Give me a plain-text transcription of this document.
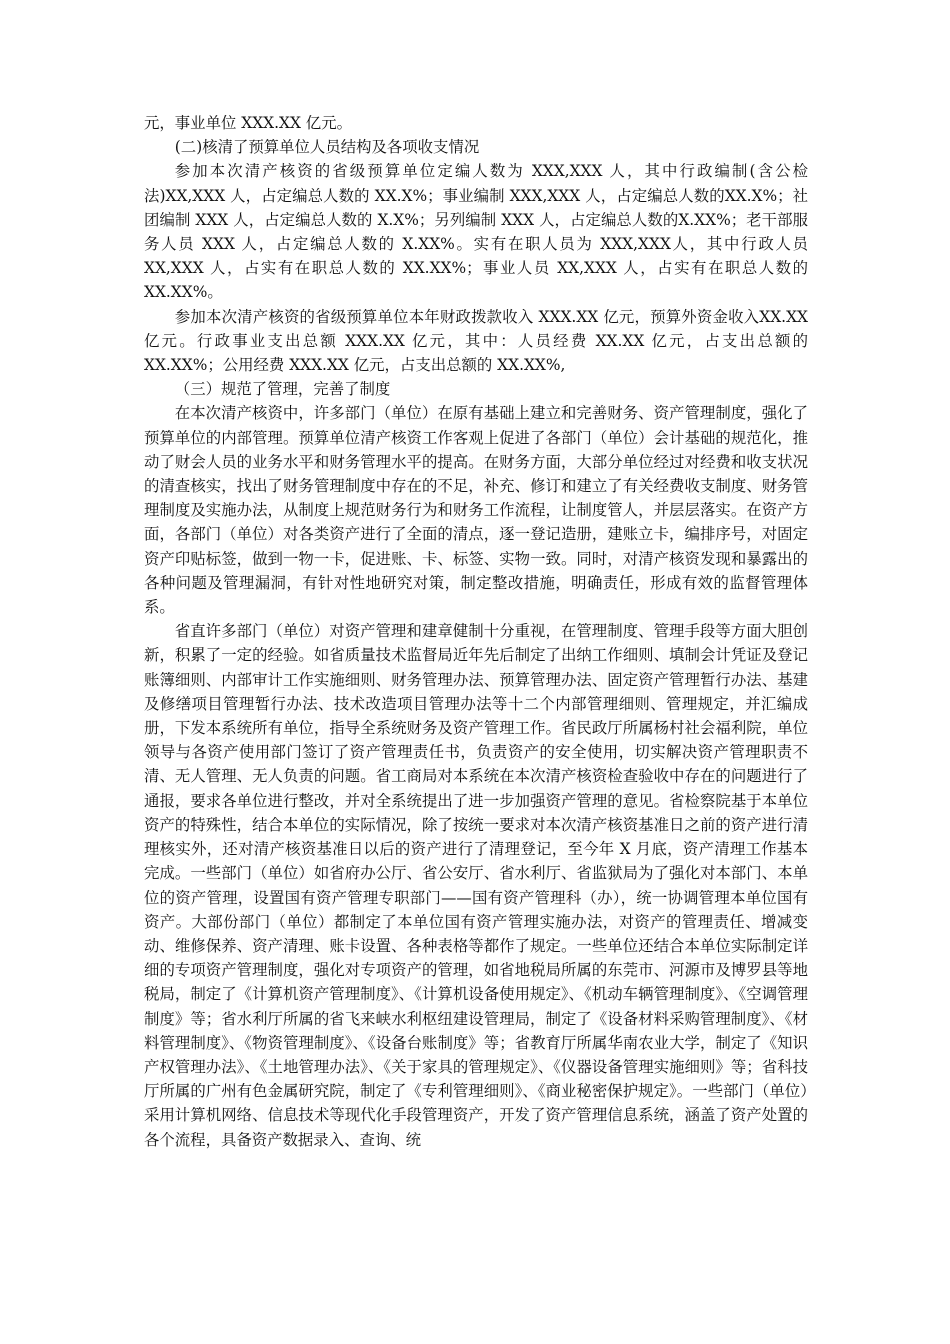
元，事业单位 XXX.XX 亿元。

(二)核清了预算单位人员结构及各项收支情况

参加本次清产核资的省级预算单位定编人数为 XXX,XXX 人，其中行政编制(含公检法)XX,XXX 人，占定编总人数的 XX.X%；事业编制 XXX,XXX 人，占定编总人数的XX.X%；社团编制 XXX 人，占定编总人数的 X.X%；另列编制 XXX 人，占定编总人数的X.XX%；老干部服务人员 XXX 人，占定编总人数的 X.XX%。实有在职人员为 XXX,XXX人，其中行政人员 XX,XXX 人，占实有在职总人数的 XX.XX%；事业人员 XX,XXX 人，占实有在职总人数的 XX.XX%。

参加本次清产核资的省级预算单位本年财政拨款收入 XXX.XX 亿元，预算外资金收入XX.XX 亿元。行政事业支出总额 XXX.XX 亿元，其中：人员经费 XX.XX 亿元，占支出总额的 XX.XX%；公用经费 XXX.XX 亿元，占支出总额的 XX.XX%,

（三）规范了管理，完善了制度

在本次清产核资中，许多部门（单位）在原有基础上建立和完善财务、资产管理制度，强化了预算单位的内部管理。预算单位清产核资工作客观上促进了各部门（单位）会计基础的规范化，推动了财会人员的业务水平和财务管理水平的提高。在财务方面，大部分单位经过对经费和收支状况的清查核实，找出了财务管理制度中存在的不足，补充、修订和建立了有关经费收支制度、财务管理制度及实施办法，从制度上规范财务行为和财务工作流程，让制度管人，并层层落实。在资产方面，各部门（单位）对各类资产进行了全面的清点，逐一登记造册，建账立卡，编排序号，对固定资产印贴标签，做到一物一卡，促进账、卡、标签、实物一致。同时，对清产核资发现和暴露出的各种问题及管理漏洞，有针对性地研究对策，制定整改措施，明确责任，形成有效的监督管理体系。

省直许多部门（单位）对资产管理和建章健制十分重视，在管理制度、管理手段等方面大胆创新，积累了一定的经验。如省质量技术监督局近年先后制定了出纳工作细则、填制会计凭证及登记账簿细则、内部审计工作实施细则、财务管理办法、预算管理办法、固定资产管理暂行办法、基建及修缮项目管理暂行办法、技术改造项目管理办法等十二个内部管理细则、管理规定，并汇编成册，下发本系统所有单位，指导全系统财务及资产管理工作。省民政厅所属杨村社会福利院，单位领导与各资产使用部门签订了资产管理责任书，负责资产的安全使用，切实解决资产管理职责不清、无人管理、无人负责的问题。省工商局对本系统在本次清产核资检查验收中存在的问题进行了通报，要求各单位进行整改，并对全系统提出了进一步加强资产管理的意见。省检察院基于本单位资产的特殊性，结合本单位的实际情况，除了按统一要求对本次清产核资基准日之前的资产进行清理核实外，还对清产核资基准日以后的资产进行了清理登记，至今年 X 月底，资产清理工作基本完成。一些部门（单位）如省府办公厅、省公安厅、省水利厅、省监狱局为了强化对本部门、本单位的资产管理，设置国有资产管理专职部门——国有资产管理科（办），统一协调管理本单位国有资产。大部份部门（单位）都制定了本单位国有资产管理实施办法，对资产的管理责任、增减变动、维修保养、资产清理、账卡设置、各种表格等都作了规定。一些单位还结合本单位实际制定详细的专项资产管理制度，强化对专项资产的管理，如省地税局所属的东莞市、河源市及博罗县等地税局，制定了《计算机资产管理制度》、《计算机设备使用规定》、《机动车辆管理制度》、《空调管理制度》等；省水利厅所属的省飞来峡水利枢纽建设管理局，制定了《设备材料采购管理制度》、《材料管理制度》、《物资管理制度》、《设备台账制度》等；省教育厅所属华南农业大学，制定了《知识产权管理办法》、《土地管理办法》、《关于家具的管理规定》、《仪器设备管理实施细则》等；省科技厅所属的广州有色金属研究院，制定了《专利管理细则》、《商业秘密保护规定》。一些部门（单位）采用计算机网络、信息技术等现代化手段管理资产，开发了资产管理信息系统，涵盖了资产处置的各个流程，具备资产数据录入、查询、统
